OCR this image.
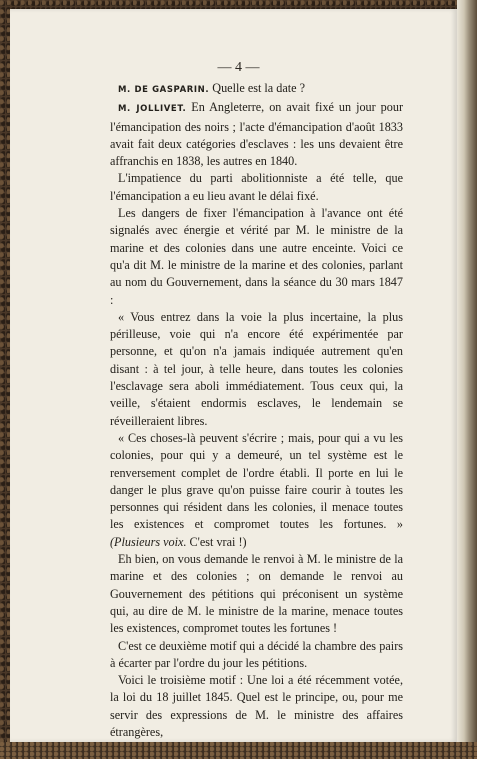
— 4 —

M. DE GASPARIN. Quelle est la date ?

M. JOLLIVET. En Angleterre, on avait fixé un jour pour l'émancipation des noirs ; l'acte d'émancipation d'août 1833 avait fait deux catégories d'esclaves : les uns devaient être affranchis en 1838, les autres en 1840.

L'impatience du parti abolitionniste a été telle, que l'émancipation a eu lieu avant le délai fixé.

Les dangers de fixer l'émancipation à l'avance ont été signalés avec énergie et vérité par M. le ministre de la marine et des colonies dans une autre enceinte. Voici ce qu'a dit M. le ministre de la marine et des colonies, parlant au nom du Gouvernement, dans la séance du 30 mars 1847 :

« Vous entrez dans la voie la plus incertaine, la plus périlleuse, voie qui n'a encore été expérimentée par personne, et qu'on n'a jamais indiquée autrement qu'en disant : à tel jour, à telle heure, dans toutes les colonies l'esclavage sera aboli immédiatement. Tous ceux qui, la veille, s'étaient endormis esclaves, le lendemain se réveilleraient libres.

« Ces choses-là peuvent s'écrire ; mais, pour qui a vu les colonies, pour qui y a demeuré, un tel système est le renversement complet de l'ordre établi. Il porte en lui le danger le plus grave qu'on puisse faire courir à toutes les personnes qui résident dans les colonies, il menace toutes les existences et compromet toutes les fortunes. » (Plusieurs voix. C'est vrai !)

Eh bien, on vous demande le renvoi à M. le ministre de la marine et des colonies ; on demande le renvoi au Gouvernement des pétitions qui préconisent un système qui, au dire de M. le ministre de la marine, menace toutes les existences, compromet toutes les fortunes !

C'est ce deuxième motif qui a décidé la chambre des pairs à écarter par l'ordre du jour les pétitions.

Voici le troisième motif : Une loi a été récemment votée, la loi du 18 juillet 1845. Quel est le principe, ou, pour me servir des expressions de M. le ministre des affaires étrangères,
